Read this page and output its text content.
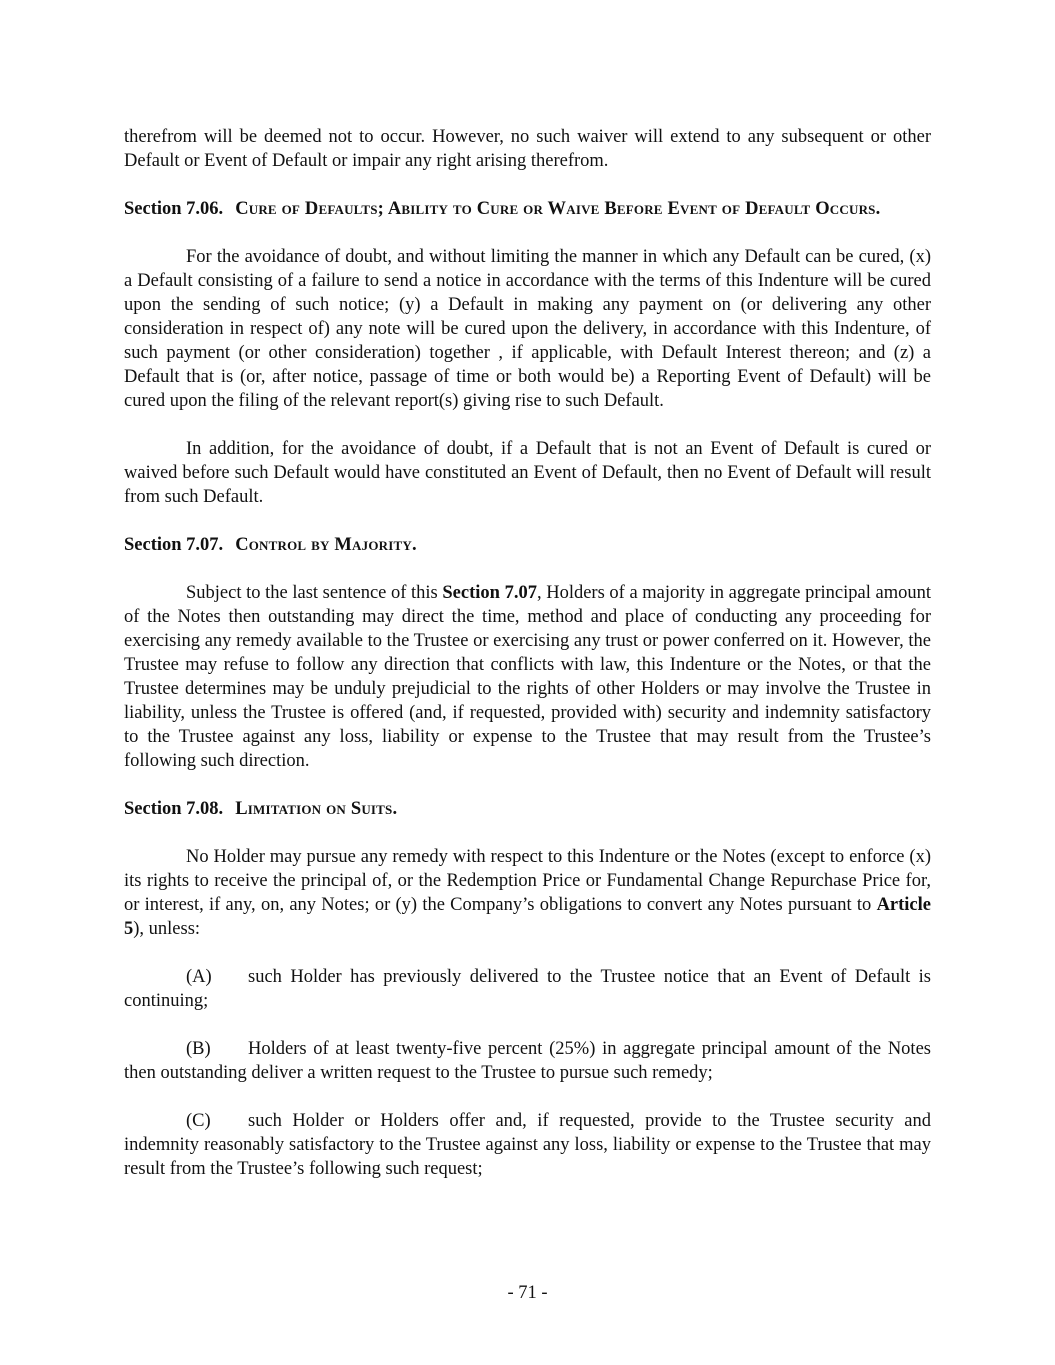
therefrom will be deemed not to occur. However, no such waiver will extend to any subsequent or other Default or Event of Default or impair any right arising therefrom.

Section 7.06. Cure of Defaults; Ability to Cure or Waive Before Event of Default Occurs.

For the avoidance of doubt, and without limiting the manner in which any Default can be cured, (x) a Default consisting of a failure to send a notice in accordance with the terms of this Indenture will be cured upon the sending of such notice; (y) a Default in making any payment on (or delivering any other consideration in respect of) any note will be cured upon the delivery, in accordance with this Indenture, of such payment (or other consideration) together , if applicable, with Default Interest thereon; and (z) a Default that is (or, after notice, passage of time or both would be) a Reporting Event of Default) will be cured upon the filing of the relevant report(s) giving rise to such Default.

In addition, for the avoidance of doubt, if a Default that is not an Event of Default is cured or waived before such Default would have constituted an Event of Default, then no Event of Default will result from such Default.

Section 7.07. Control by Majority.

Subject to the last sentence of this Section 7.07, Holders of a majority in aggregate principal amount of the Notes then outstanding may direct the time, method and place of conducting any proceeding for exercising any remedy available to the Trustee or exercising any trust or power conferred on it. However, the Trustee may refuse to follow any direction that conflicts with law, this Indenture or the Notes, or that the Trustee determines may be unduly prejudicial to the rights of other Holders or may involve the Trustee in liability, unless the Trustee is offered (and, if requested, provided with) security and indemnity satisfactory to the Trustee against any loss, liability or expense to the Trustee that may result from the Trustee’s following such direction.

Section 7.08. Limitation on Suits.

No Holder may pursue any remedy with respect to this Indenture or the Notes (except to enforce (x) its rights to receive the principal of, or the Redemption Price or Fundamental Change Repurchase Price for, or interest, if any, on, any Notes; or (y) the Company’s obligations to convert any Notes pursuant to Article 5), unless:

(A) such Holder has previously delivered to the Trustee notice that an Event of Default is continuing;

(B) Holders of at least twenty-five percent (25%) in aggregate principal amount of the Notes then outstanding deliver a written request to the Trustee to pursue such remedy;

(C) such Holder or Holders offer and, if requested, provide to the Trustee security and indemnity reasonably satisfactory to the Trustee against any loss, liability or expense to the Trustee that may result from the Trustee’s following such request;

- 71 -
